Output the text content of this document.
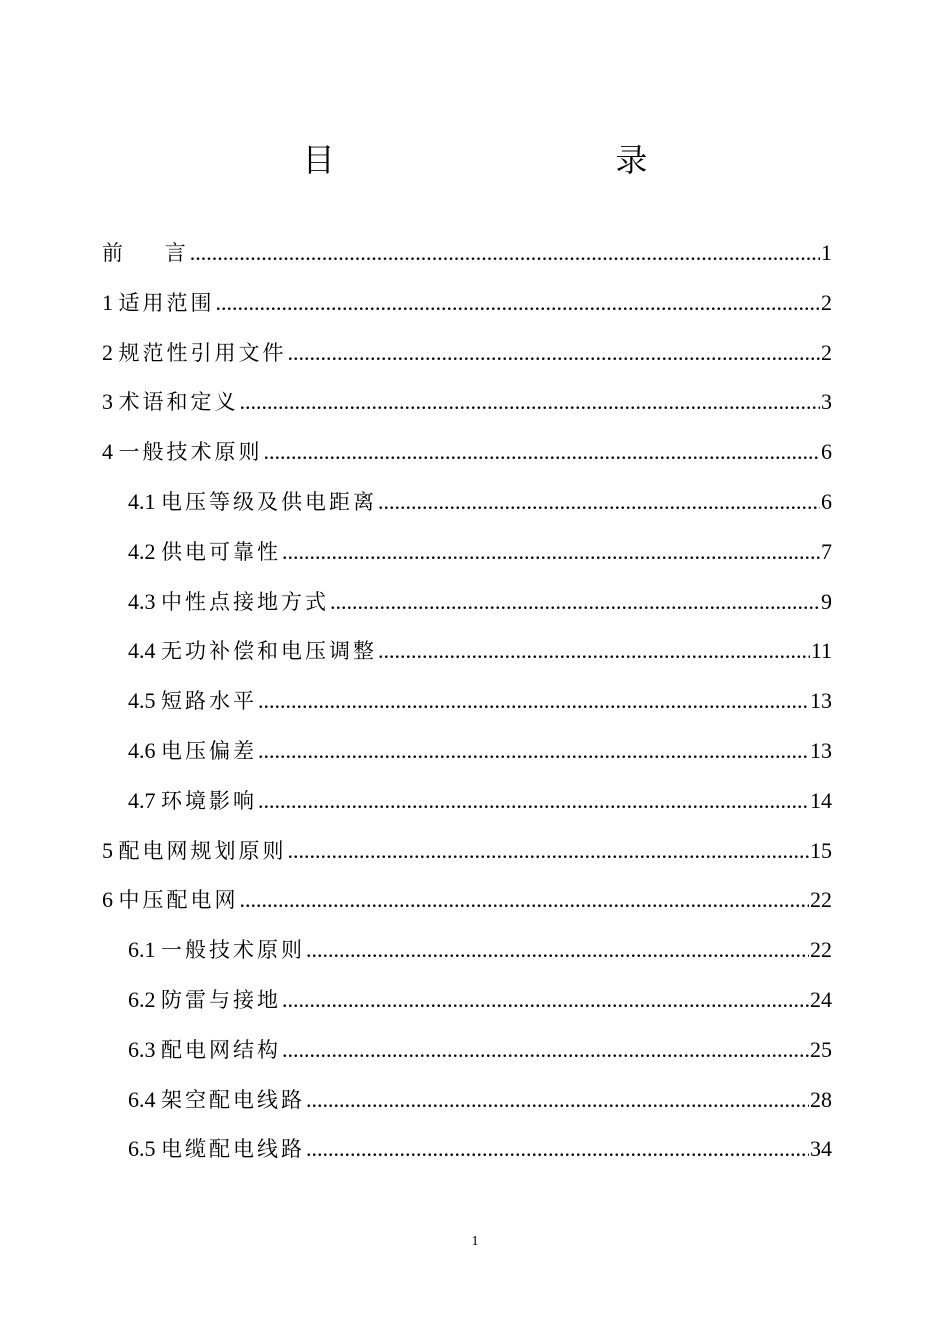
目    录
前    言 .....	1
1 适用范围 .....	2
2 规范性引用文件 .....	2
3 术语和定义 .....	3
4 一般技术原则 .....	6
4.1 电压等级及供电距离 .....	6
4.2 供电可靠性 .....	7
4.3 中性点接地方式 .....	9
4.4 无功补偿和电压调整 .....	11
4.5 短路水平 .....	13
4.6 电压偏差 .....	13
4.7 环境影响 .....	14
5 配电网规划原则 .....	15
6 中压配电网 .....	22
6.1 一般技术原则 .....	22
6.2 防雷与接地 .....	24
6.3 配电网结构 .....	25
6.4 架空配电线路 .....	28
6.5 电缆配电线路 .....	34
1
